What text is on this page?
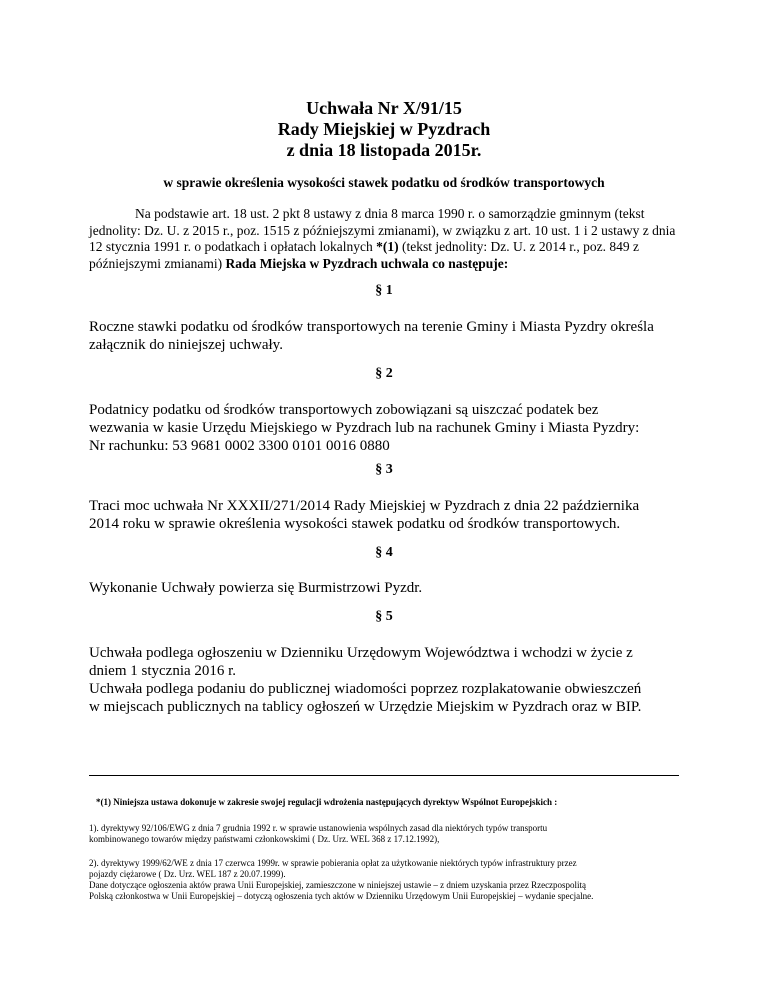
Uchwała Nr X/91/15
Rady Miejskiej w Pyzdrach
z dnia 18 listopada 2015r.
w sprawie określenia wysokości stawek podatku od środków transportowych
Na podstawie art. 18 ust. 2 pkt 8 ustawy z dnia 8 marca 1990 r. o samorządzie gminnym (tekst jednolity: Dz. U. z 2015 r., poz. 1515 z późniejszymi zmianami), w związku z art. 10 ust. 1 i 2 ustawy z dnia 12 stycznia 1991 r. o podatkach i opłatach lokalnych *(1) (tekst jednolity: Dz. U. z 2014 r., poz. 849 z późniejszymi zmianami) Rada Miejska w Pyzdrach uchwala co następuje:
§ 1
Roczne stawki podatku od środków transportowych na terenie Gminy i Miasta Pyzdry określa
załącznik do niniejszej uchwały.
§ 2
Podatnicy podatku od środków transportowych zobowiązani są uiszczać podatek bez
wezwania w kasie Urzędu Miejskiego w Pyzdrach lub na rachunek Gminy i Miasta Pyzdry:
Nr rachunku: 53 9681 0002 3300 0101 0016 0880
§ 3
Traci moc uchwała Nr XXXII/271/2014 Rady Miejskiej w Pyzdrach z dnia 22 października
2014 roku w sprawie określenia wysokości stawek podatku od środków transportowych.
§ 4
Wykonanie Uchwały powierza się Burmistrzowi Pyzdr.
§ 5
Uchwała podlega ogłoszeniu w Dzienniku Urzędowym Województwa i wchodzi w życie z
dniem 1 stycznia 2016 r.
Uchwała podlega podaniu do publicznej wiadomości poprzez rozplakatowanie obwieszczeń
w miejscach publicznych na tablicy ogłoszeń w Urzędzie Miejskim w Pyzdrach oraz w BIP.
*(1) Niniejsza ustawa dokonuje w zakresie swojej regulacji wdrożenia następujących dyrektyw Wspólnot Europejskich :
1). dyrektywy 92/106/EWG z dnia 7 grudnia 1992 r. w sprawie ustanowienia wspólnych zasad dla niektórych typów transportu
kombinowanego towarów między państwami członkowskimi ( Dz. Urz. WEL 368 z 17.12.1992),
2). dyrektywy 1999/62/WE z dnia 17 czerwca 1999r. w sprawie pobierania opłat za użytkowanie niektórych typów infrastruktury przez
pojazdy ciężarowe ( Dz. Urz. WEL 187 z 20.07.1999).
Dane dotyczące ogłoszenia aktów prawa Unii Europejskiej, zamieszczone w niniejszej ustawie – z dniem uzyskania przez Rzeczpospolitą
Polską członkostwa w Unii Europejskiej – dotyczą ogłoszenia tych aktów w Dzienniku Urzędowym Unii Europejskiej – wydanie specjalne.
